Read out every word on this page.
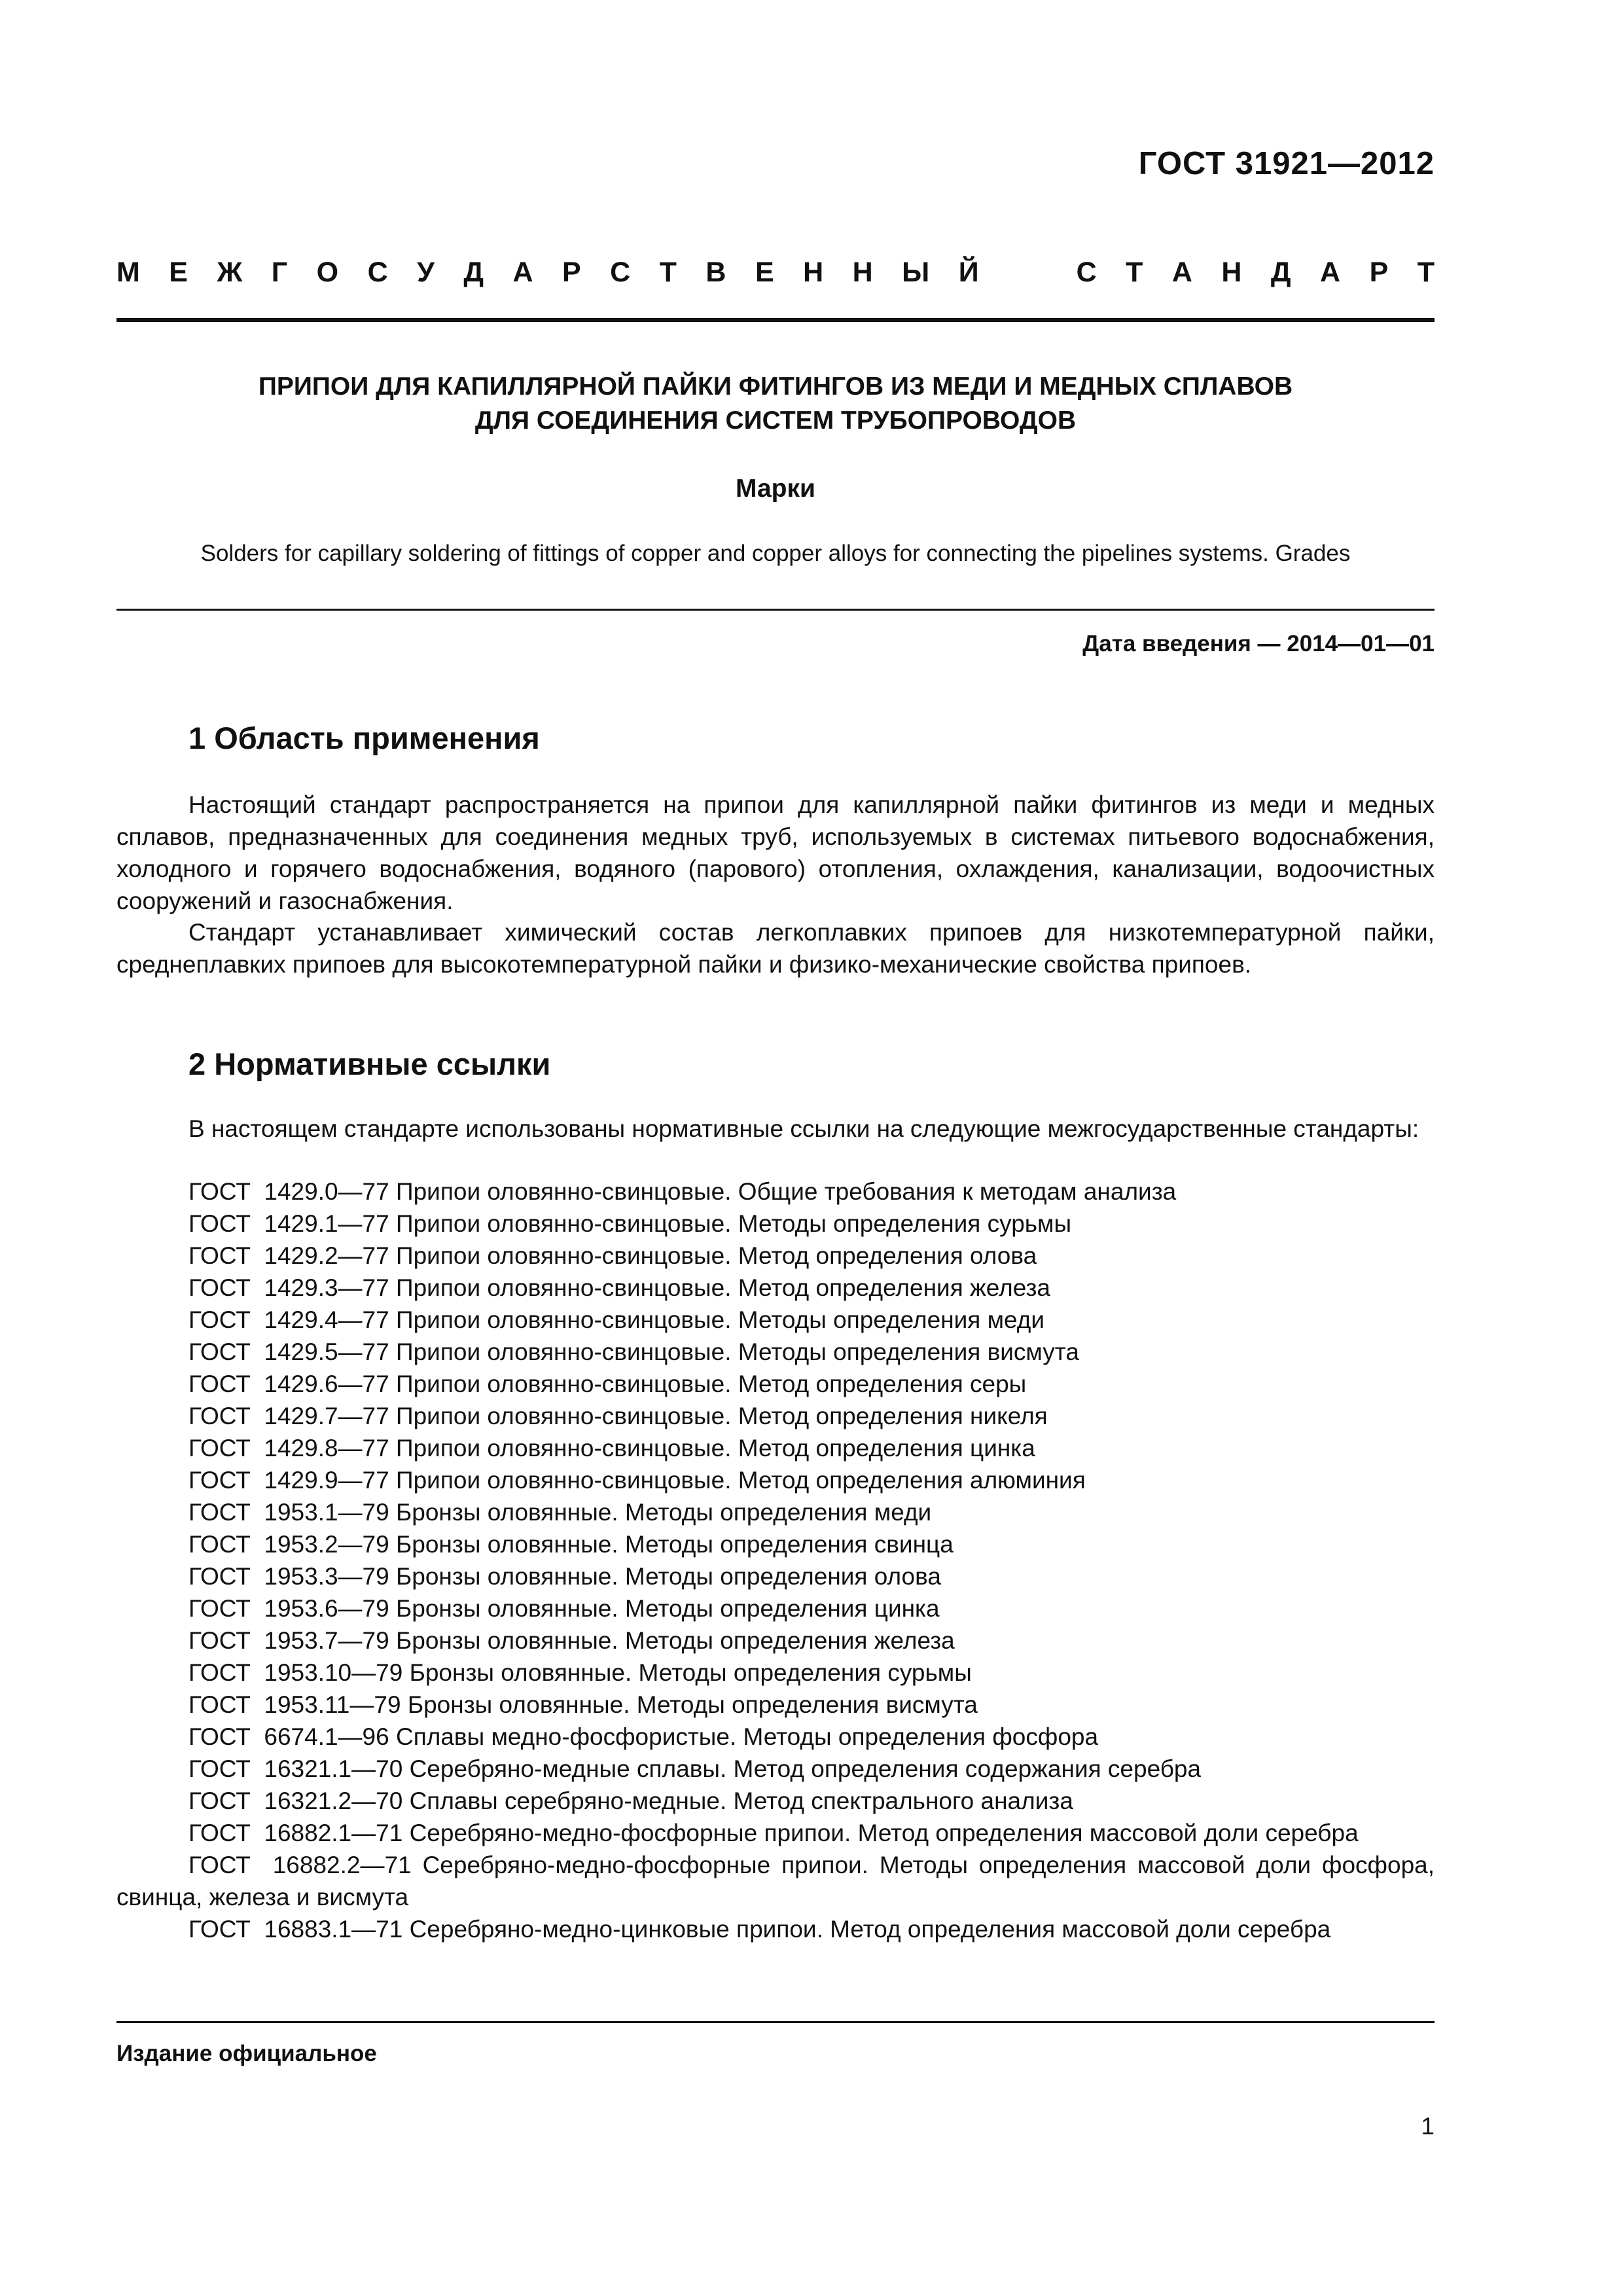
ГОСТ 31921—2012
М Е Ж Г О С У Д А Р С Т В Е Н Н Ы Й	С Т А Н Д А Р Т
ПРИПОИ ДЛЯ КАПИЛЛЯРНОЙ ПАЙКИ ФИТИНГОВ ИЗ МЕДИ И МЕДНЫХ СПЛАВОВ
ДЛЯ СОЕДИНЕНИЯ СИСТЕМ ТРУБОПРОВОДОВ
Марки
Solders for capillary soldering of fittings of copper and copper alloys for connecting the pipelines systems. Grades
Дата введения — 2014—01—01
1 Область применения
Настоящий стандарт распространяется на припои для капиллярной пайки фитингов из меди и медных сплавов, предназначенных для соединения медных труб, используемых в системах питьевого водоснабжения, холодного и горячего водоснабжения, водяного (парового) отопления, охлаждения, канализации, водоочистных сооружений и газоснабжения.
Стандарт устанавливает химический состав легкоплавких припоев для низкотемпературной пайки, среднеплавких припоев для высокотемпературной пайки и физико-механические свойства припоев.
2 Нормативные ссылки
В настоящем стандарте использованы нормативные ссылки на следующие межгосударственные стандарты:
ГОСТ  1429.0—77 Припои оловянно-свинцовые. Общие требования к методам анализа
ГОСТ  1429.1—77 Припои оловянно-свинцовые. Методы определения сурьмы
ГОСТ  1429.2—77 Припои оловянно-свинцовые. Метод определения олова
ГОСТ  1429.3—77 Припои оловянно-свинцовые. Метод определения железа
ГОСТ  1429.4—77 Припои оловянно-свинцовые. Методы определения меди
ГОСТ  1429.5—77 Припои оловянно-свинцовые. Методы определения висмута
ГОСТ  1429.6—77 Припои оловянно-свинцовые. Метод определения серы
ГОСТ  1429.7—77 Припои оловянно-свинцовые. Метод определения никеля
ГОСТ  1429.8—77 Припои оловянно-свинцовые. Метод определения цинка
ГОСТ  1429.9—77 Припои оловянно-свинцовые. Метод определения алюминия
ГОСТ  1953.1—79 Бронзы оловянные. Методы определения меди
ГОСТ  1953.2—79 Бронзы оловянные. Методы определения свинца
ГОСТ  1953.3—79 Бронзы оловянные. Методы определения олова
ГОСТ  1953.6—79 Бронзы оловянные. Методы определения цинка
ГОСТ  1953.7—79 Бронзы оловянные. Методы определения железа
ГОСТ  1953.10—79 Бронзы оловянные. Методы определения сурьмы
ГОСТ  1953.11—79 Бронзы оловянные. Методы определения висмута
ГОСТ  6674.1—96 Сплавы медно-фосфористые. Методы определения фосфора
ГОСТ  16321.1—70 Серебряно-медные сплавы. Метод определения содержания серебра
ГОСТ  16321.2—70 Сплавы серебряно-медные. Метод спектрального анализа
ГОСТ  16882.1—71 Серебряно-медно-фосфорные припои. Метод определения массовой доли серебра
ГОСТ  16882.2—71 Серебряно-медно-фосфорные припои. Методы определения массовой доли фосфора, свинца, железа и висмута
ГОСТ  16883.1—71 Серебряно-медно-цинковые припои. Метод определения массовой доли серебра
Издание официальное
1
